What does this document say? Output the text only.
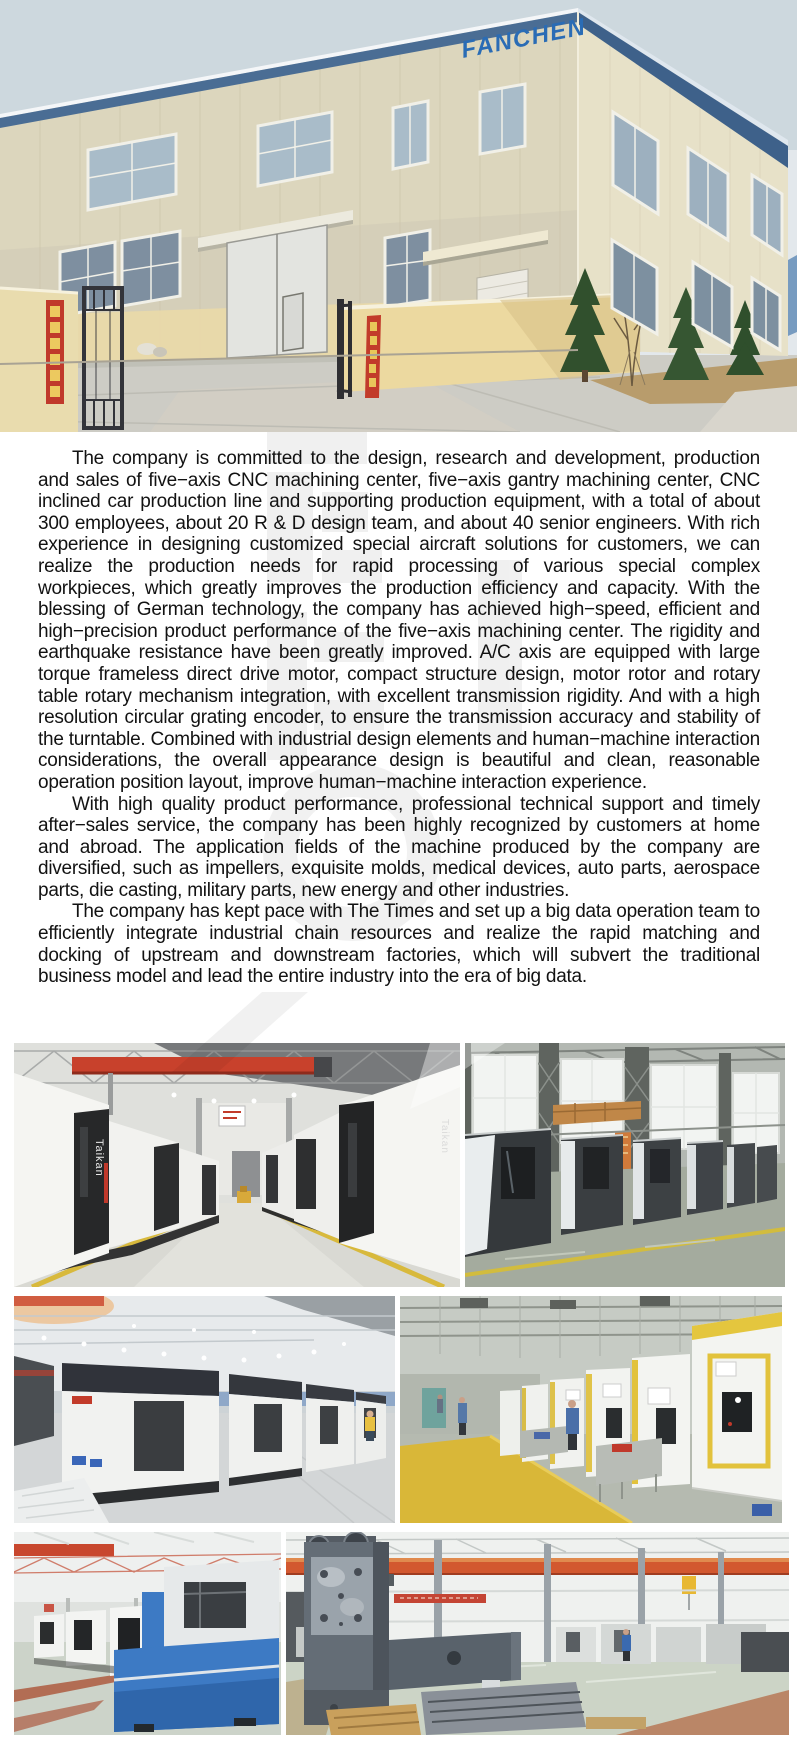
FANCHEN

The company is committed to the design, research and development, production and sales of five−axis CNC machining center, five−axis gantry machining center, CNC inclined car production line and supporting production equipment, with a total of about 300 employees, about 20 R & D design team, and about 40 senior engineers. With rich experience in designing customized special aircraft solutions for customers, we can realize the production needs for rapid processing of various special complex workpieces, which greatly improves the production efficiency and capacity. With the blessing of German technology, the company has achieved high−speed, efficient and high−precision product performance of the five−axis machining center. The rigidity and earthquake resistance have been greatly improved. A/C axis are equipped with large torque frameless direct drive motor, compact structure design, motor rotor and rotary table rotary mechanism integration, with excellent transmission rigidity. And with a high resolution circular grating encoder, to ensure the transmission accuracy and stability of the turntable. Combined with industrial design elements and human−machine interaction considerations, the overall appearance design is beautiful and clean, reasonable operation position layout, improve human−machine interaction experience.

With high quality product performance, professional technical support and timely after−sales service, the company has been highly recognized by customers at home and abroad. The application fields of the machine produced by the company are diversified, such as impellers, exquisite molds, medical devices, auto parts, aerospace parts, die casting, military parts, new energy and other industries.

The company has kept pace with The Times and set up a big data operation team to efficiently integrate industrial chain resources and realize the rapid matching and docking of upstream and downstream factories, which will subvert the traditional business model and lead the entire industry into the era of big data.

Taikan
Taikan
